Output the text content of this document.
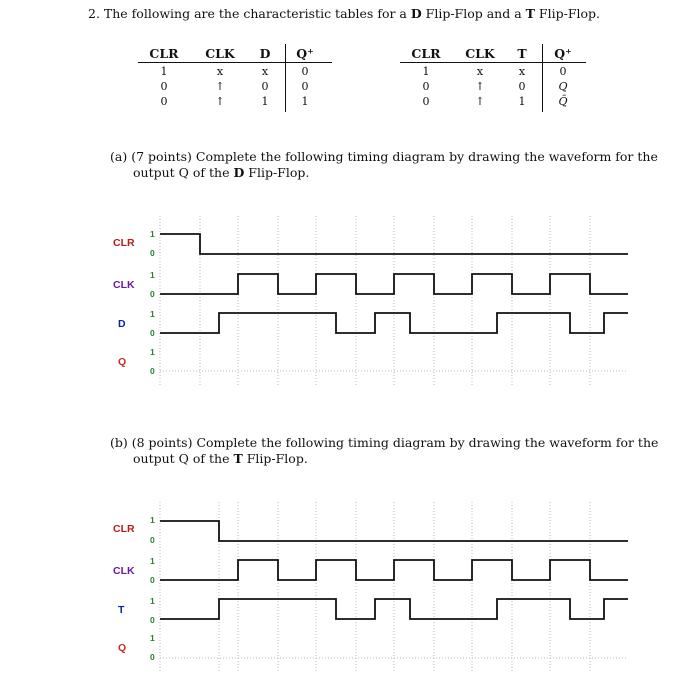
2. The following are the characteristic tables for a D Flip-Flop and a T Flip-Flop.
CLR	CLK	D	Q⁺
1	x	x	0
0	↑	0	0
0	↑	1	1
CLR	CLK	T	Q⁺
1	x	x	0
0	↑	0	Q
0	↑	1	Q̄
(a) (7 points) Complete the following timing diagram by drawing the waveform for the
output Q of the D Flip-Flop.
(b) (8 points) Complete the following timing diagram by drawing the waveform for the
output Q of the T Flip-Flop.
CLR
CLK
D
Q
1
0
1
0
1
0
1
0
CLR
CLK
T
Q
1
0
1
0
1
0
1
0
